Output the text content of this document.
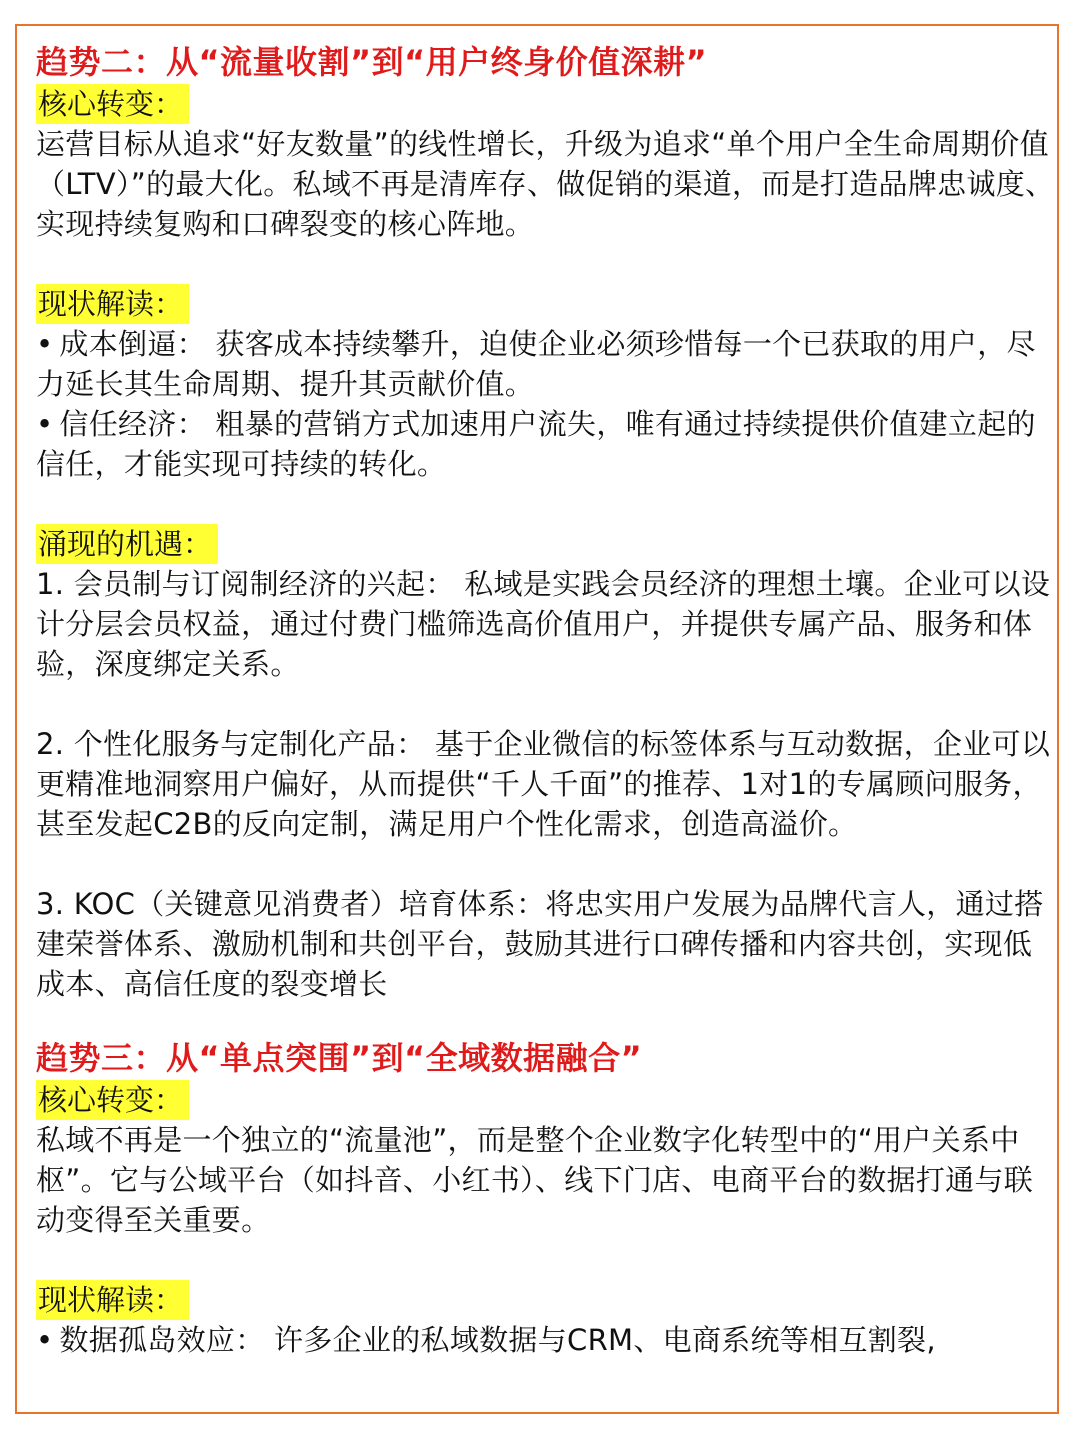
趋势二：从“流量收割”到“用户终身价值深耕”
核心转变：

运营目标从追求“好友数量”的线性增长，升级为追求“单个用户全生命周期价值（LTV）”的最大化。私域不再是清库存、做促销的渠道，而是打造品牌忠诚度、实现持续复购和口碑裂变的核心阵地。

现状解读：

• 成本倒逼： 获客成本持续攀升，迫使企业必须珍惜每一个已获取的用户，尽力延长其生命周期、提升其贡献价值。

• 信任经济： 粗暴的营销方式加速用户流失，唯有通过持续提供价值建立起的信任，才能实现可持续的转化。

涌现的机遇：

1. 会员制与订阅制经济的兴起： 私域是实践会员经济的理想土壤。企业可以设计分层会员权益，通过付费门槛筛选高价值用户，并提供专属产品、服务和体验，深度绑定关系。

2. 个性化服务与定制化产品： 基于企业微信的标签体系与互动数据，企业可以更精准地洞察用户偏好，从而提供“千人千面”的推荐、1对1的专属顾问服务，甚至发起C2B的反向定制，满足用户个性化需求，创造高溢价。

3. KOC（关键意见消费者）培育体系：将忠实用户发展为品牌代言人，通过搭建荣誉体系、激励机制和共创平台，鼓励其进行口碑传播和内容共创，实现低成本、高信任度的裂变增长

趋势三：从“单点突围”到“全域数据融合”
核心转变：

私域不再是一个独立的“流量池”，而是整个企业数字化转型中的“用户关系中枢”。它与公域平台（如抖音、小红书）、线下门店、电商平台的数据打通与联动变得至关重要。

现状解读：

• 数据孤岛效应： 许多企业的私域数据与CRM、电商系统等相互割裂,
